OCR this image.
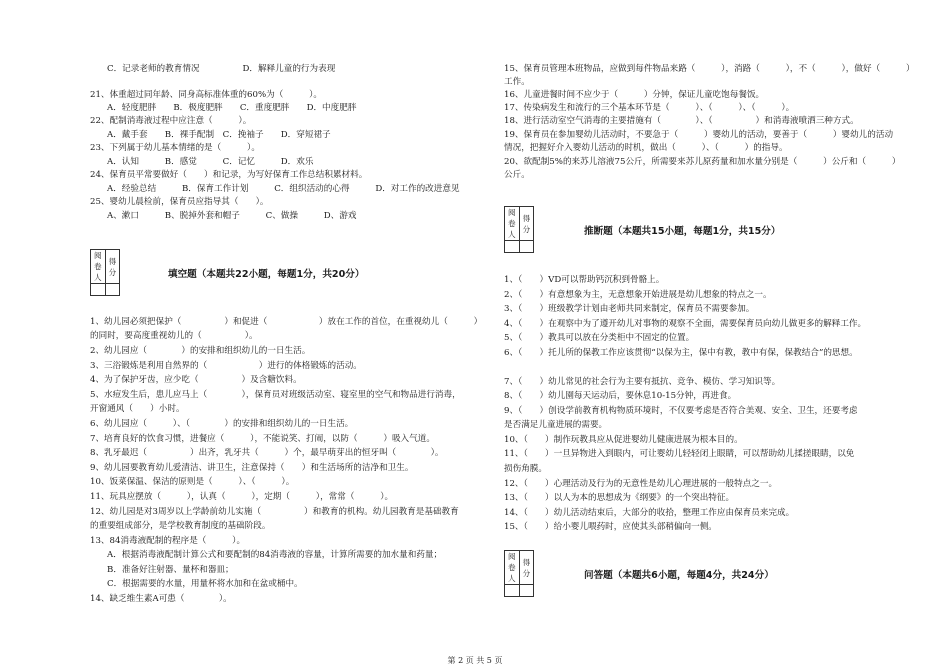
C．记录老师的教育情况　　　　　D．解释儿童的行为表现
21、体重超过同年龄、同身高标准体重的60%为（　　　）。
A．轻度肥胖　　B．极度肥胖　　C．重度肥胖　　D．中度肥胖
22、配制消毒液过程中应注意（　　　）。
A．戴手套　　B．裸手配制　C．挽袖子　　D．穿短裙子
23、下列属于幼儿基本情绪的是（　　　）。
A．认知　　　B．感觉　　　C．记忆　　　D．欢乐
24、保育员平常要做好（　　）和记录，为写好保育工作总结积累材料。
A．经验总结　　　B．保育工作计划　　　C．组织活动的心得　　　D．对工作的改进意见
25、婴幼儿晨检前，保育员应指导其（　　）。
A、漱口　　　B、脱掉外套和帽子　　　C、做操　　　D、游戏
阅卷人	得分
		填空题（本题共22小题，每题1分，共20分）
1、幼儿园必须把保护（　　　　　）和促进（　　　　　　）放在工作的首位，在重视幼儿（　　　）
的同时，要高度重视幼儿的（　　　　　）。
2、幼儿园应（　　　　）的安排和组织幼儿的一日生活。
3、三浴锻炼是利用自然界的（　　　　　　）进行的体格锻炼的活动。
4、为了保护牙齿，应少吃（　　　　　）及含糖饮料。
5、水痘发生后，患儿应马上（　　　　），保育员对班级活动室、寝室里的空气和物品进行消毒，
开窗通风（　　）小时。
6、幼儿园应（　　　）、（　　　　）的安排和组织幼儿的一日生活。
7、培育良好的饮食习惯，进餐应（　　　），不能说笑、打闹，以防（　　　）吸入气道。
8、乳牙最迟（　　　　　）出齐，乳牙共（　　　）个，最早萌芽出的恒牙叫（　　　　）。
9、幼儿园要教育幼儿爱清洁、讲卫生，注意保持（　　）和生活场所的洁净和卫生。
10、饭菜保温、保洁的原则是（　　　）、（　　　）。
11、玩具应摆放（　　　），认真（　　　），定期（　　　），常常（　　　）。
12、幼儿园是对3周岁以上学龄前幼儿实施（　　　　　）和教育的机构。幼儿园教育是基础教育
的重要组成部分，是学校教育制度的基础阶段。
13、84消毒液配制的程序是（　　　）。
A．根据消毒液配制计算公式和要配制的84消毒液的容量，计算所需要的加水量和药量；
B．准备好注射器、量杯和器皿；
C．根据需要的水量，用量杯将水加和在盆或桶中。
14、缺乏维生素A可患（　　　　）。
15、保育员管理本班物品，应做到每件物品来路（　　　），消路（　　　），不（　　　），做好（　　　）
工作。
16、儿童进餐时间不应少于（　　　）分钟，保证儿童吃饱每餐饭。
17、传染病发生和流行的三个基本环节是（　　　）、（　　　）、（　　　）。
18、进行活动室空气消毒的主要措施有（　　　　）、（　　　　　）和消毒液喷洒三种方式。
19、保育员在参加婴幼儿活动时，不要急于（　　　）婴幼儿的活动，要善于（　　　）婴幼儿的活动
情况，把握好介入婴幼儿活动的时机，做出（　　　）、（　　　）的指导。
20、欲配制5%的来苏儿溶液75公斤，所需要来苏儿原药量和加水量分别是（　　　）公斤和（　　　）
公斤。
阅卷人	得分
		推断题（本题共15小题，每题1分，共15分）
1、（　　）VD可以帮助钙沉积到骨骼上。
2、（　　）有意想象为主，无意想象开始进展是幼儿想象的特点之一。
3、（　　）班级教学计划由老师共同来制定，保育员不需要参加。
4、（　　）在观察中为了遵开幼儿对事物的观察不全面，需要保育员向幼儿做更多的解释工作。
5、（　　）教具可以放在分类柜中不固定的位置。
6、（　　）托儿所的保教工作应该贯彻“以保为主，保中有教，教中有保，保教结合”的思想。
7、（　　）幼儿常见的社会行为主要有抵抗、竞争、模仿、学习知识等。
8、（　　）幼儿園每天运动后，要休息10-15分钟，再进食。
9、（　　）创设学前教育机构物质环境时，不仅要考虑是否符合美观、安全、卫生，还要考虑
是否满足儿童进展的需要。
10、（　　）制作玩教具应从促进婴幼儿健康进展为根本目的。
11、（　　）一旦异物进入到眼内，可让婴幼儿轻轻闭上眼睛，可以帮助幼儿揉搓眼睛，以免
损伤角膜。
12、（　　）心理活动及行为的无意性是幼儿心理进展的一般特点之一。
13、（　　）以人为本的思想成为《纲要》的一个突出特征。
14、（　　）幼儿活动结束后，大部分的收拾，整理工作应由保育员来完成。
15、（　　）给小婴儿喂药时，应使其头部稍偏向一侧。
阅卷人	得分
		问答题（本题共6小题，每题4分，共24分）
第 2 页 共 5 页
